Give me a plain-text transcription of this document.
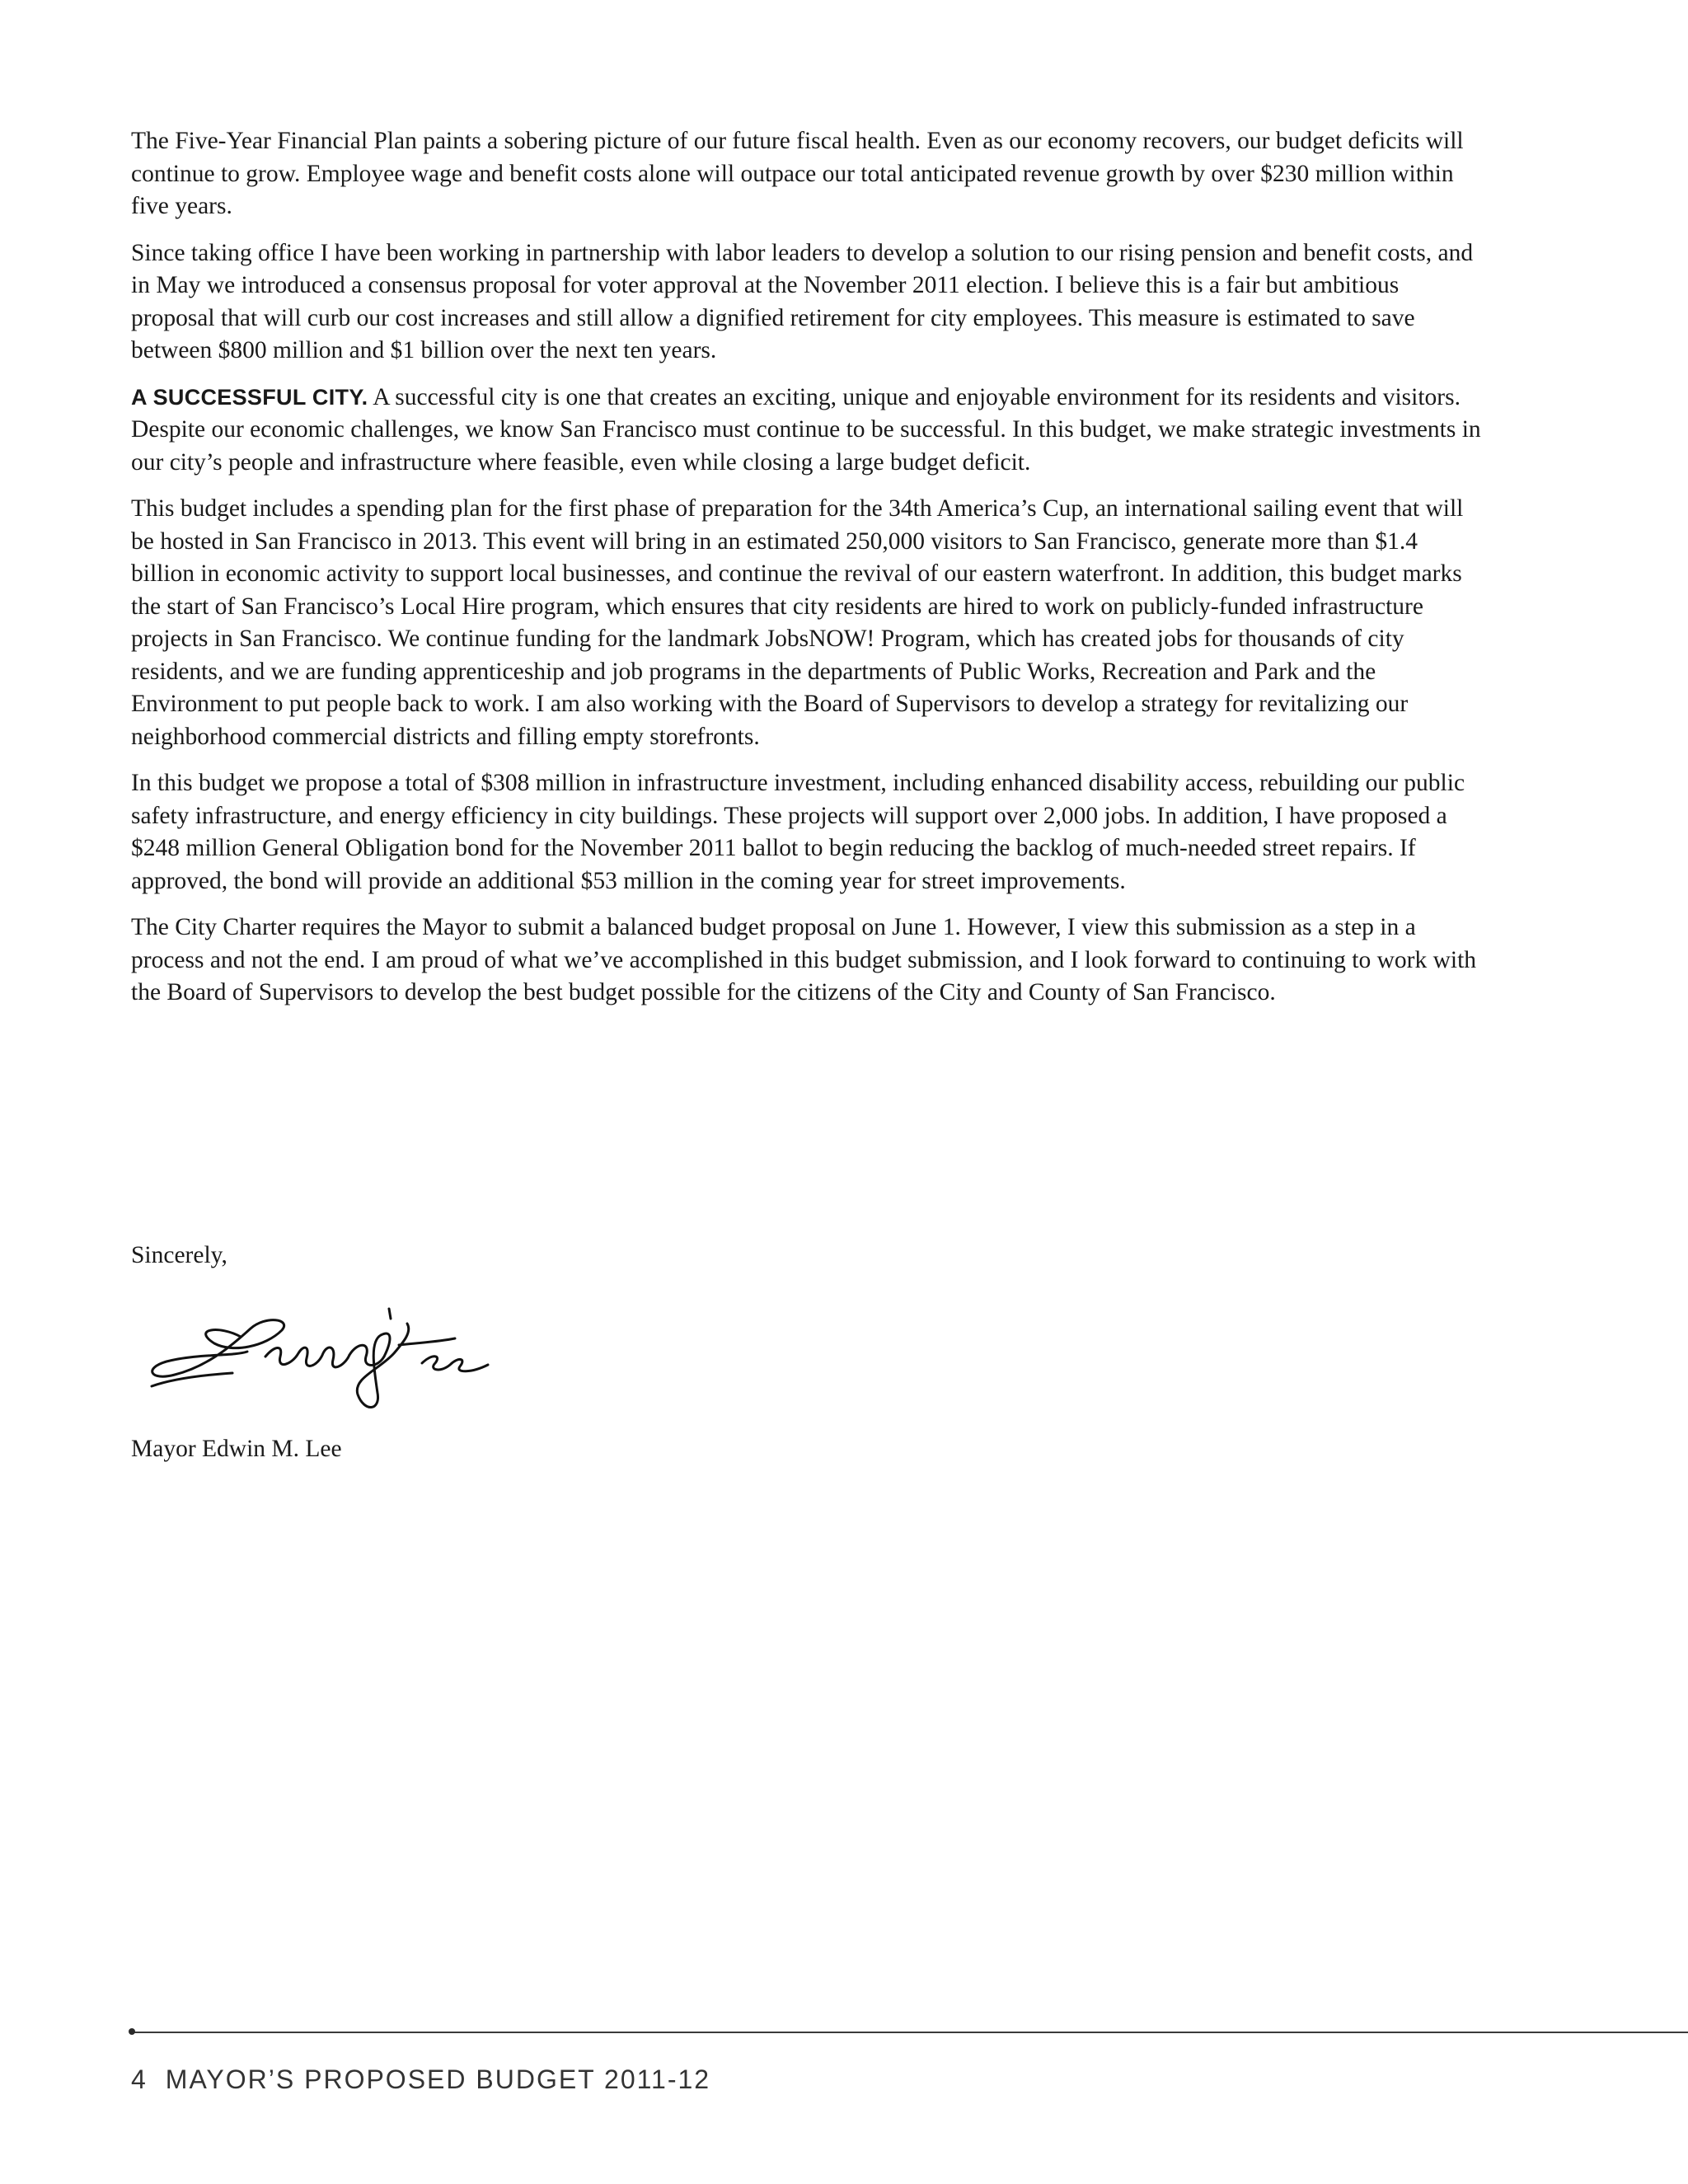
The Five-Year Financial Plan paints a sobering picture of our future fiscal health. Even as our economy recovers, our budget deficits will continue to grow. Employee wage and benefit costs alone will outpace our total anticipated revenue growth by over $230 million within five years.

Since taking office I have been working in partnership with labor leaders to develop a solution to our rising pension and benefit costs, and in May we introduced a consensus proposal for voter approval at the November 2011 election. I believe this is a fair but ambitious proposal that will curb our cost increases and still allow a dignified retirement for city employees. This measure is estimated to save between $800 million and $1 billion over the next ten years.

A SUCCESSFUL CITY. A successful city is one that creates an exciting, unique and enjoyable environment for its residents and visitors. Despite our economic challenges, we know San Francisco must continue to be successful. In this budget, we make strategic investments in our city’s people and infrastructure where feasible, even while closing a large budget deficit.

This budget includes a spending plan for the first phase of preparation for the 34th America’s Cup, an international sailing event that will be hosted in San Francisco in 2013. This event will bring in an estimated 250,000 visitors to San Francisco, generate more than $1.4 billion in economic activity to support local businesses, and continue the revival of our eastern waterfront. In addition, this budget marks the start of San Francisco’s Local Hire program, which ensures that city residents are hired to work on publicly-funded infrastructure projects in San Francisco. We continue funding for the landmark JobsNOW! Program, which has created jobs for thousands of city residents, and we are funding apprenticeship and job programs in the departments of Public Works, Recreation and Park and the Environment to put people back to work. I am also working with the Board of Supervisors to develop a strategy for revitalizing our neighborhood commercial districts and filling empty storefronts.

In this budget we propose a total of $308 million in infrastructure investment, including enhanced disability access, rebuilding our public safety infrastructure, and energy efficiency in city buildings. These projects will support over 2,000 jobs. In addition, I have proposed a $248 million General Obligation bond for the November 2011 ballot to begin reducing the backlog of much-needed street repairs. If approved, the bond will provide an additional $53 million in the coming year for street improvements.

The City Charter requires the Mayor to submit a balanced budget proposal on June 1. However, I view this submission as a step in a process and not the end. I am proud of what we’ve accomplished in this budget submission, and I look forward to continuing to work with the Board of Supervisors to develop the best budget possible for the citizens of the City and County of San Francisco.

Sincerely,
Mayor Edwin M. Lee
4 MAYOR’S PROPOSED BUDGET 2011-12
